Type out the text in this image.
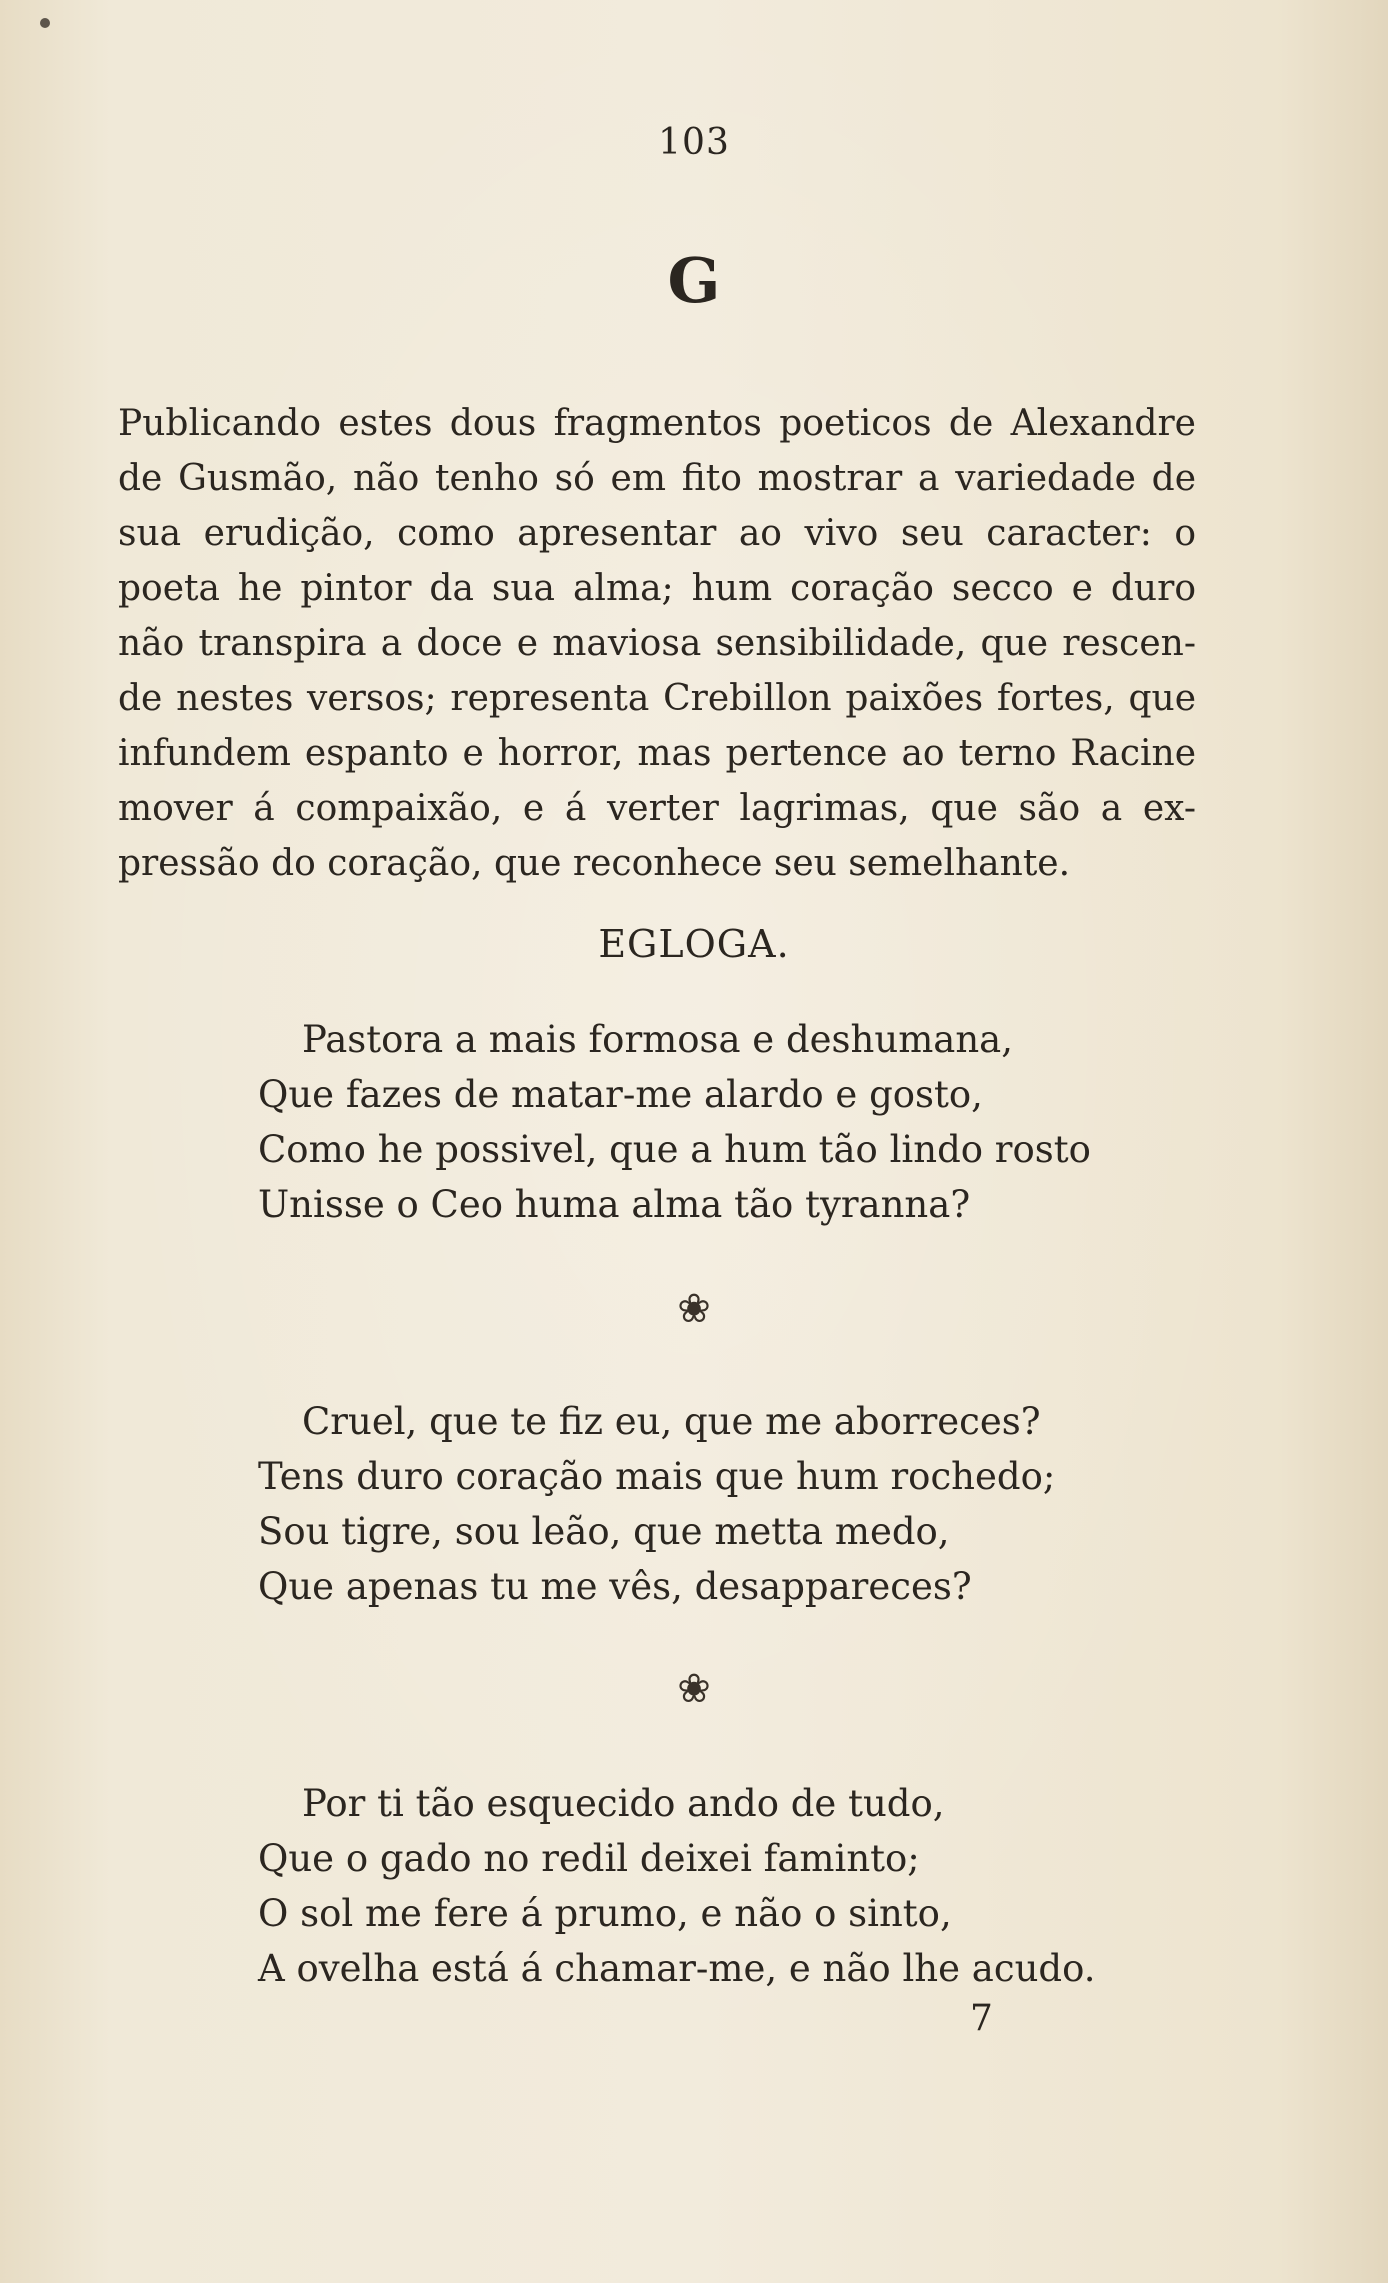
103
G
Publicando estes dous fragmentos poeticos de Alexandre
de Gusmão, não tenho só em fito mostrar a variedade de
sua erudição, como apresentar ao vivo seu caracter: o
poeta he pintor da sua alma; hum coração secco e duro
não transpira a doce e maviosa sensibilidade, que rescen-
de nestes versos; representa Crebillon paixões fortes, que
infundem espanto e horror, mas pertence ao terno Racine
mover á compaixão, e á verter lagrimas, que são a ex-
pressão do coração, que reconhece seu semelhante.
EGLOGA.
Pastora a mais formosa e deshumana,
Que fazes de matar-me alardo e gosto,
Como he possivel, que a hum tão lindo rosto
Unisse o Ceo huma alma tão tyranna?
❀
Cruel, que te fiz eu, que me aborreces?
Tens duro coração mais que hum rochedo;
Sou tigre, sou leão, que metta medo,
Que apenas tu me vês, desappareces?
❀
Por ti tão esquecido ando de tudo,
Que o gado no redil deixei faminto;
O sol me fere á prumo, e não o sinto,
A ovelha está á chamar-me, e não lhe acudo.
7
